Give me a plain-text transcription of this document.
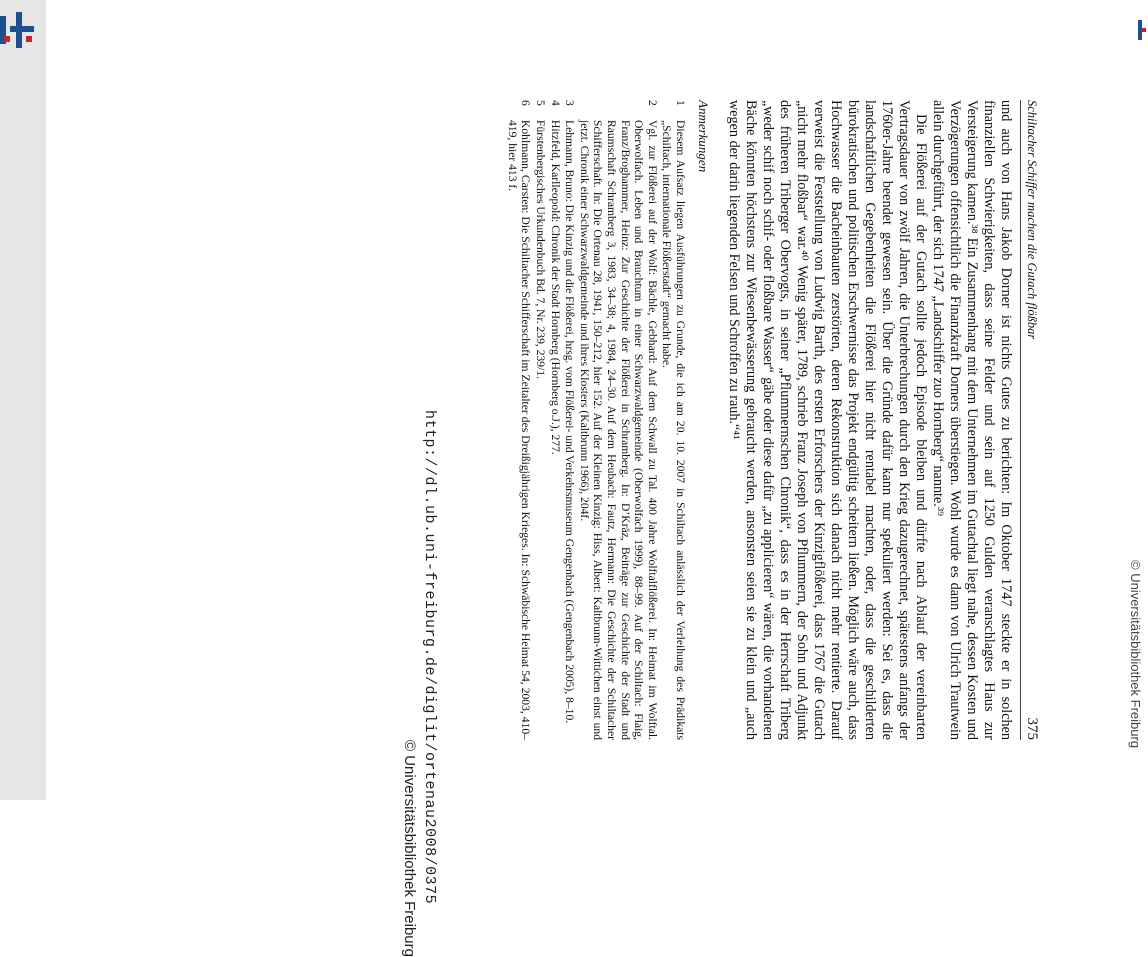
Schiltacher Schiffer machen die Gutach flößbar
375

und auch von Hans Jakob Dorner ist nichts Gutes zu berichten: Im Oktober 1747 steckte er in solchen finanziellen Schwierigkeiten, dass seine Felder und sein auf 1250 Gulden veranschlagtes Haus zur Versteigerung kamen.³⁸ Ein Zusammenhang mit dem Unternehmen im Gutachtal liegt nahe, dessen Kosten und Verzögerungen offensichtlich die Finanzkraft Dorners überstiegen. Wohl wurde es dann von Ulrich Trautwein allein durchgeführt, der sich 1747 „Landschiffer zuo Hornberg“ nannte.³⁹

Die Flößerei auf der Gutach sollte jedoch Episode bleiben und dürfte nach Ablauf der vereinbarten Vertragsdauer von zwölf Jahren, die Unterbrechungen durch den Krieg dazugerechnet, spätestens anfangs der 1760er-Jahre beendet gewesen sein. Über die Gründe dafür kann nur spekuliert werden: Sei es, dass die landschaftlichen Gegebenheiten die Flößerei hier nicht rentabel machten, oder, dass die geschilderten bürokratischen und politischen Erschwernisse das Projekt endgültig scheitern ließen. Möglich wäre auch, dass Hochwasser die Bacheinbauten zerstörten, deren Rekonstruktion sich danach nicht mehr rentierte. Darauf verweist die Feststellung von Ludwig Barth, des ersten Erforschers der Kinzigflößerei, dass 1767 die Gutach „nicht mehr floßbar“ war.⁴⁰ Wenig später, 1789, schrieb Franz Joseph von Pflummern, der Sohn und Adjunkt des früheren Triberger Obervogts, in seiner „Pflummernschen Chronik“, dass es in der Herrschaft Triberg „weder schif noch schif- oder floßbare Wasser“ gäbe oder diese dafür „zu applicieren“ wären, die vorhandenen Bäche könnten höchstens zur Wiesenbewässerung gebraucht werden, ansonsten seien sie zu klein und „auch wegen der darin liegenden Felsen und Schroffen zu rauh.“⁴¹

Anmerkungen
1
Diesem Aufsatz liegen Ausführungen zu Grunde, die ich am 20. 10. 2007 in Schiltach anlässlich der Verleihung des Prädikats „Schiltach, internationale Flößerstadt“ gemacht habe.
2
Vgl. zur Flößerei auf der Wolf: Bächle, Gebhard: Auf dem Schwall zu Tal. 400 Jahre Wolftalflößerei. In: Heimat im Wolftal. Oberwolfach. Leben und Brauchtum in einer Schwarzwaldgemeinde (Oberwolfach 1999), 88–99. Auf der Schiltach: Flaig, Franz/Broghammer, Heinz: Zur Geschichte der Flößerei in Schramberg. In: D’Kräz, Beiträge zur Geschichte der Stadt und Raumschaft Schramberg 3, 1983, 34–38; 4, 1984, 24–30. Auf dem Heubach: Fautz, Hermann: Die Geschichte der Schiltacher Schifferschaft. In: Die Ortenau 28, 1941, 150–212, hier 152. Auf der Kleinen Kinzig: Hiss, Albert: Kaltbrunn-Wittichen einst und jetzt. Chronik einer Schwarzwaldgemeinde und ihres Klosters (Kaltbrunn 1966), 204f.
3
Lehmann, Bruno: Die Kinzig und die Flößerei, hrsg. vom Flößerei- und Verkehrsmuseum Gengenbach (Gengenbach 2005), 8–10.
4
Hitzfeld, Karlleopold: Chronik der Stadt Hornberg (Hornberg o.J.), 277.
5
Fürstenbergisches Urkundenbuch Bd. 7, Nr. 239, 239/1.
6
Kohlmann, Carsten: Die Schiltacher Schifferschaft im Zeitalter des Dreißigjährigen Krieges. In: Schwäbische Heimat 54, 2003, 410–419, hier 413 f.
http://dl.ub.uni-freiburg.de/diglit/ortenau2008/0375
© Universitätsbibliothek Freiburg
© Universitätsbibliothek Freiburg
